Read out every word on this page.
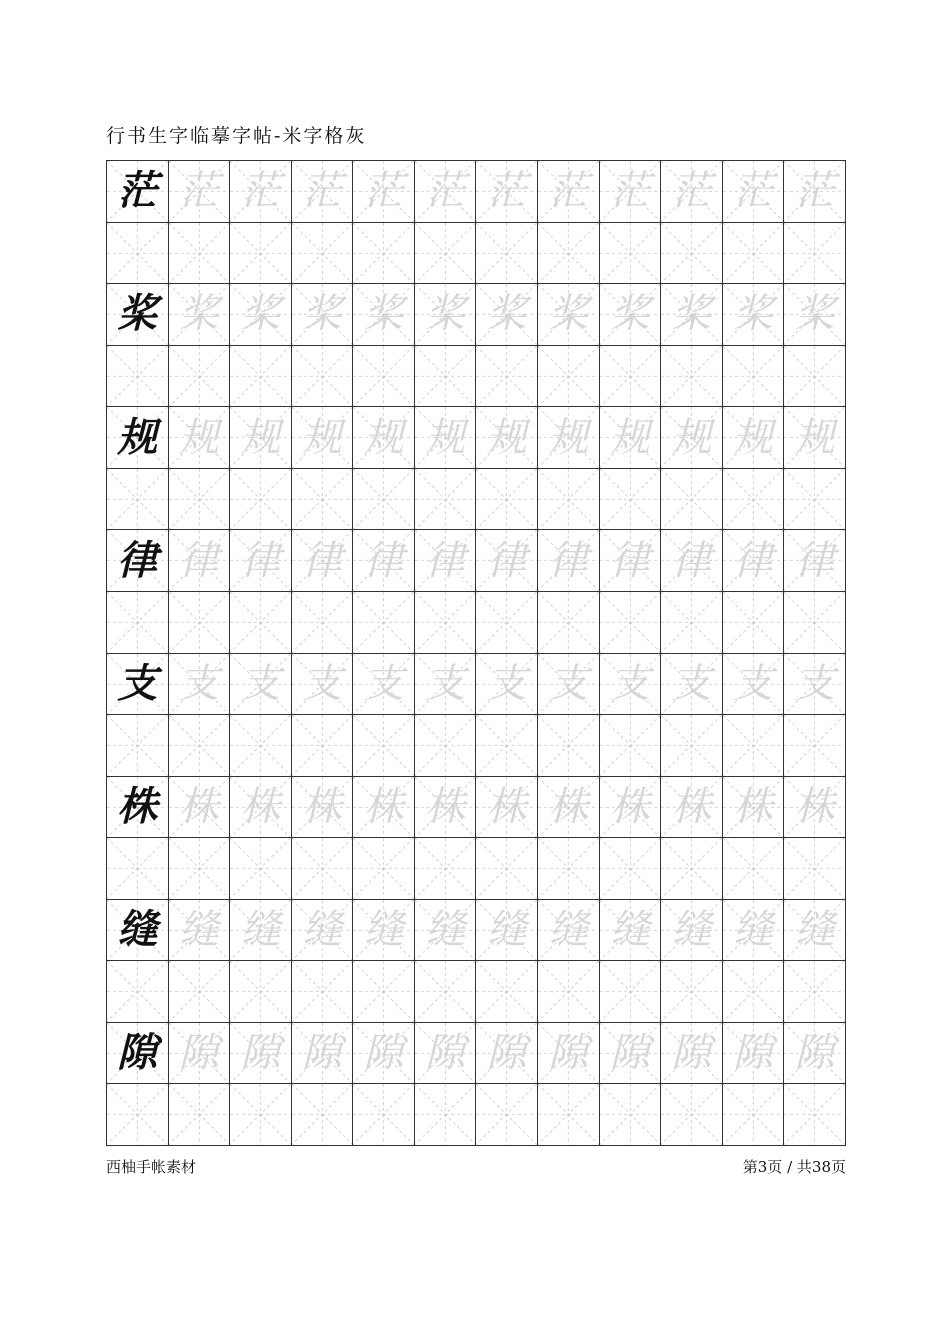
行书生字临摹字帖-米字格灰
茫 茫 茫 茫 茫 茫 茫 茫 茫 茫 茫 茫
桨 桨 桨 桨 桨 桨 桨 桨 桨 桨 桨 桨
规 规 规 规 规 规 规 规 规 规 规 规
律 律 律 律 律 律 律 律 律 律 律 律
支 支 支 支 支 支 支 支 支 支 支 支
株 株 株 株 株 株 株 株 株 株 株 株
缝 缝 缝 缝 缝 缝 缝 缝 缝 缝 缝 缝
隙 隙 隙 隙 隙 隙 隙 隙 隙 隙 隙 隙
西柚手帐素材	第3页 / 共38页
